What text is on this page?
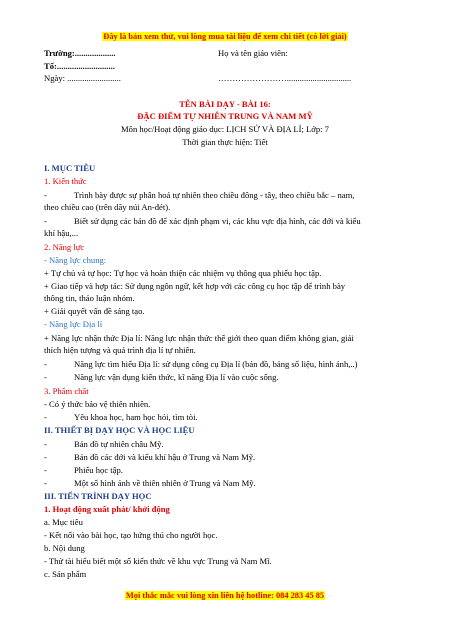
Đây là bản xem thử, vui lòng mua tài liệu để xem chi tiết (có lời giải)
Trường:...................	Họ và tên giáo viên:
Tổ:...........................
Ngày: .........................	……………………..............................
TÊN BÀI DẠY - BÀI 16:
ĐẶC ĐIỂM TỰ NHIÊN TRUNG VÀ NAM MỸ
Môn học/Hoạt động giáo dục: LỊCH SỬ VÀ ĐỊA LÍ; Lớp: 7
Thời gian thực hiện: Tiết
I. MỤC TIÊU
1. Kiến thức
-	Trình bày được sự phân hoá tự nhiên theo chiều đông - tây, theo chiều bắc – nam,
theo chiều cao (trên dãy núi An-đét).
-	Biết sử dụng các bản đồ để xác định phạm vi, các khu vực địa hình, các đới và kiểu
khí hậu,...
2. Năng lực
- Năng lực chung:
+ Tự chủ và tự học: Tự học và hoàn thiện các nhiệm vụ thông qua phiếu học tập.
+ Giao tiếp và hợp tác: Sử dụng ngôn ngữ, kết hợp với các công cụ học tập để trình bày
thông tin, thảo luận nhóm.
+ Giải quyết vấn đề sáng tạo.
- Năng lực Địa lí
+ Năng lực nhận thức Địa lí: Năng lực nhận thức thế giới theo quan điểm không gian, giải
thích hiện tượng và quá trình địa lí tự nhiên.
-	Năng lực tìm hiểu Địa lí: sử dụng công cụ Địa lí (bản đồ, bảng số liệu, hình ảnh,..)
-	Năng lực vận dụng kiến thức, kĩ năng Địa lí vào cuộc sống.
3. Phẩm chất
- Có ý thức bảo vệ thiên nhiên.
-	Yêu khoa học, ham học hỏi, tìm tòi.
II. THIẾT BỊ DẠY HỌC VÀ HỌC LIỆU
-	Bản đồ tự nhiên châu Mỹ.
-	Bản đồ các đới và kiểu khí hậu ở Trung và Nam Mỹ.
-	Phiếu học tập.
-	Một số hình ảnh về thiên nhiên ở Trung và Nam Mỹ.
III. TIẾN TRÌNH DẠY HỌC
1. Hoạt động xuất phát/ khởi động
a. Mục tiêu
- Kết nối vào bài học, tạo hứng thú cho người học.
b. Nội dung
- Thử tài hiểu biết một số kiến thức về khu vực Trung và Nam Mĩ.
c. Sản phẩm
Mọi thắc mắc vui lòng xin liên hệ hotline: 084 283 45 85
